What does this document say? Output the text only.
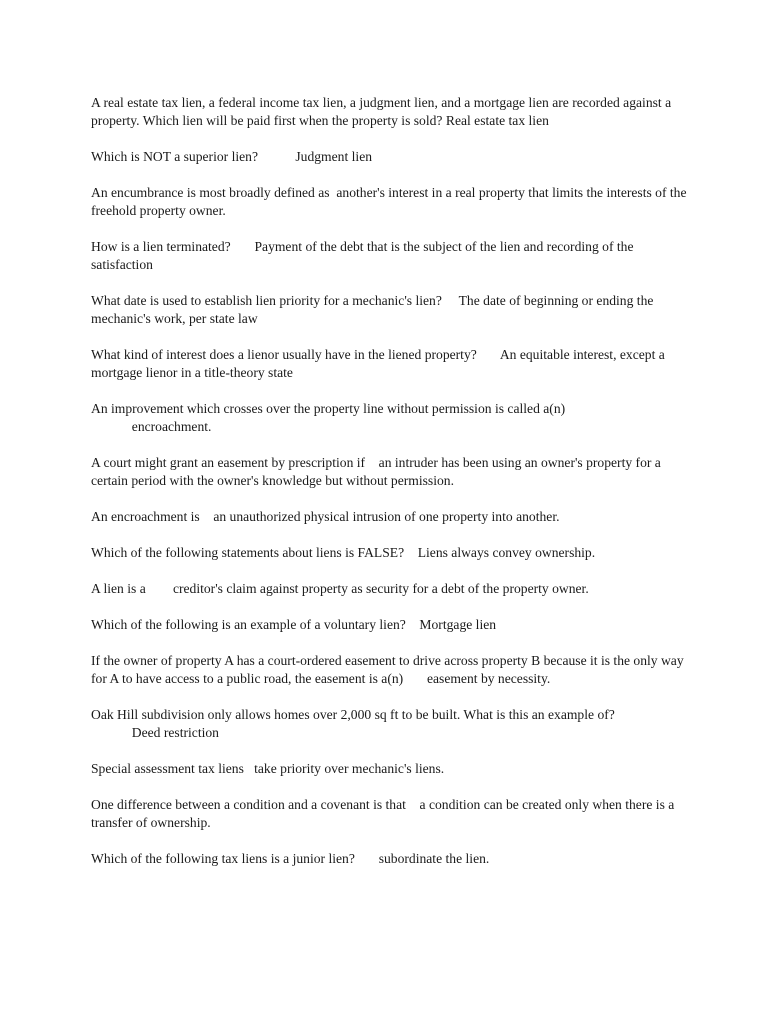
A real estate tax lien, a federal income tax lien, a judgment lien, and a mortgage lien are recorded against a property. Which lien will be paid first when the property is sold? Real estate tax lien

Which is NOT a superior lien?	Judgment lien

An encumbrance is most broadly defined as another's interest in a real property that limits the interests of the freehold property owner.

How is a lien terminated? Payment of the debt that is the subject of the lien and recording of the satisfaction

What date is used to establish lien priority for a mechanic's lien? The date of beginning or ending the mechanic's work, per state law

What kind of interest does a lienor usually have in the liened property? An equitable interest, except a mortgage lienor in a title-theory state

An improvement which crosses over the property line without permission is called a(n)
encroachment.

A court might grant an easement by prescription if an intruder has been using an owner's property for a certain period with the owner's knowledge but without permission.

An encroachment is an unauthorized physical intrusion of one property into another.

Which of the following statements about liens is FALSE? Liens always convey ownership.

A lien is a creditor's claim against property as security for a debt of the property owner.

Which of the following is an example of a voluntary lien? Mortgage lien

If the owner of property A has a court-ordered easement to drive across property B because it is the only way for A to have access to a public road, the easement is a(n) easement by necessity.

Oak Hill subdivision only allows homes over 2,000 sq ft to be built. What is this an example of?
Deed restriction

Special assessment tax liens take priority over mechanic's liens.

One difference between a condition and a covenant is that a condition can be created only when there is a transfer of ownership.

Which of the following tax liens is a junior lien? subordinate the lien.
